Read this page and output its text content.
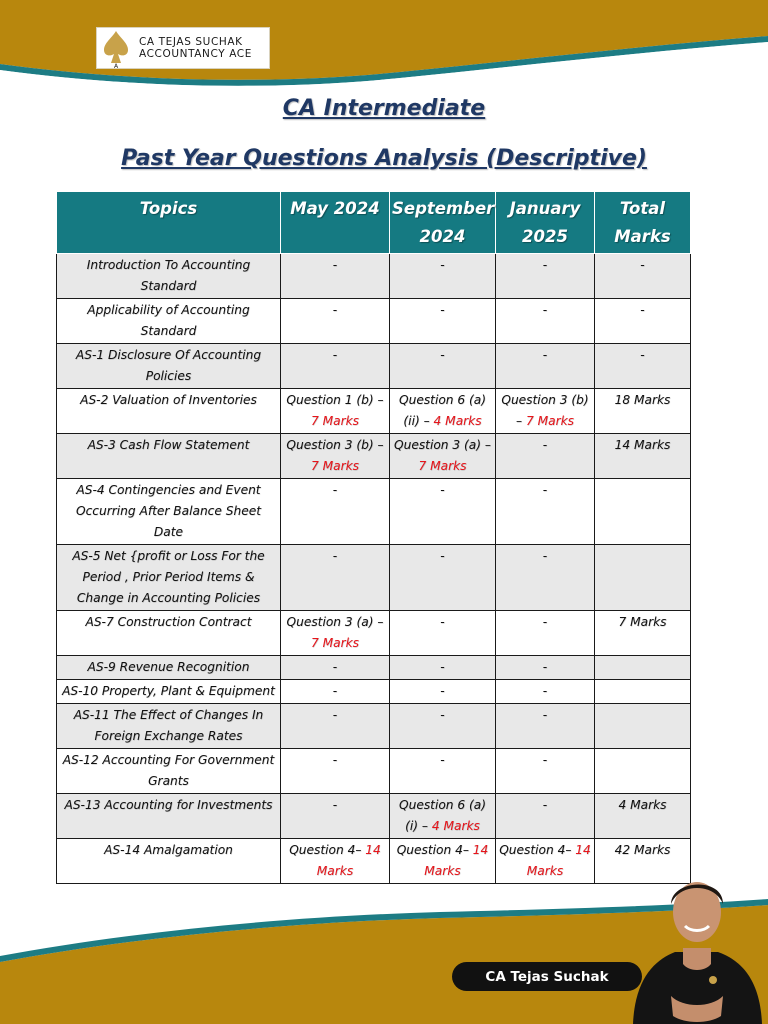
A
CA TEJAS SUCHAK
ACCOUNTANCY ACE
CA Intermediate
Past Year Questions Analysis (Descriptive)
Topics	May 2024	September 2024	January 2025	Total Marks
Introduction To Accounting Standard	-	-	-	-
Applicability of Accounting Standard	-	-	-	-
AS-1 Disclosure Of Accounting Policies	-	-	-	-
AS-2 Valuation of Inventories	Question 1 (b) – 7 Marks	Question 6 (a) (ii) – 4 Marks	Question 3 (b) – 7 Marks	18 Marks
AS-3 Cash Flow Statement	Question 3 (b) – 7 Marks	Question 3 (a) – 7 Marks	-	14 Marks
AS-4 Contingencies and Event Occurring After Balance Sheet Date	-	-	-	
AS-5 Net {profit or Loss For the Period , Prior Period Items & Change in Accounting Policies	-	-	-	
AS-7 Construction Contract	Question 3 (a) – 7 Marks	-	-	7 Marks
AS-9 Revenue Recognition	-	-	-	
AS-10 Property, Plant & Equipment	-	-	-	
AS-11 The Effect of Changes In Foreign Exchange Rates	-	-	-	
AS-12 Accounting For Government Grants	-	-	-	
AS-13 Accounting for Investments	-	Question 6 (a) (i) – 4 Marks	-	4 Marks
AS-14 Amalgamation	Question 4– 14 Marks	Question 4– 14 Marks	Question 4– 14 Marks	42 Marks
CA Tejas Suchak
